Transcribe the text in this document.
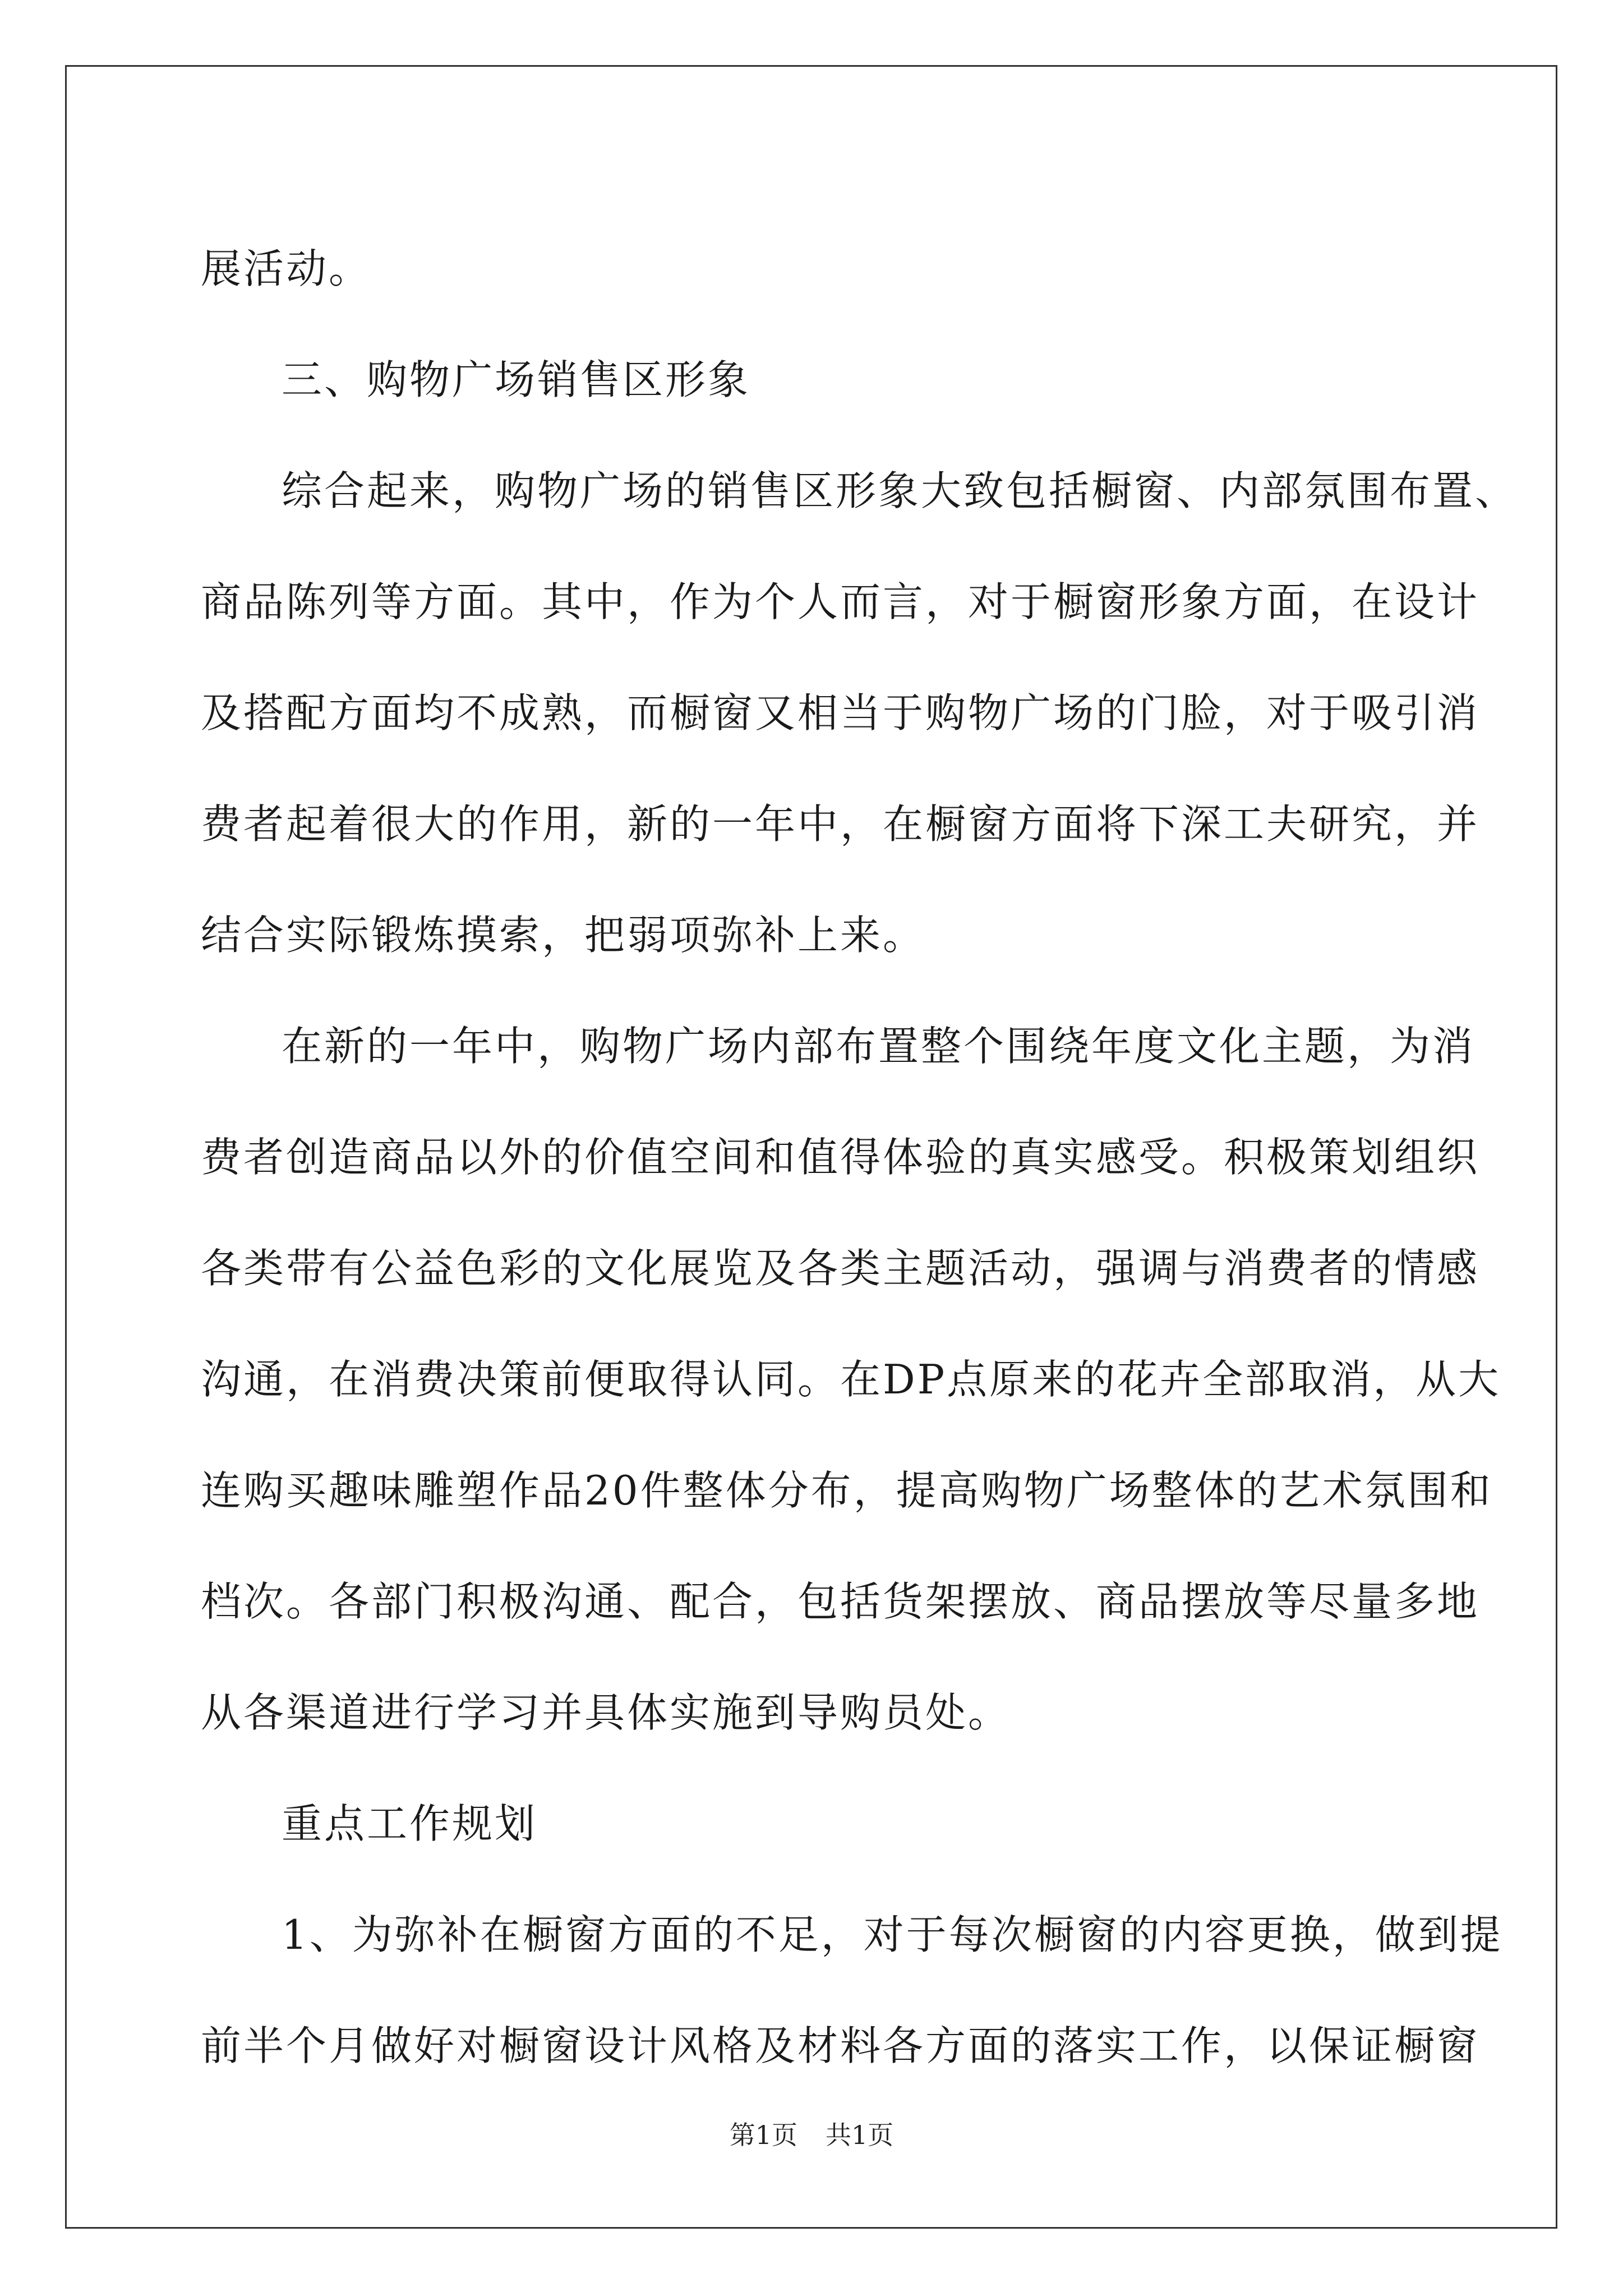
展活动。
三、购物广场销售区形象
综合起来，购物广场的销售区形象大致包括橱窗、内部氛围布置、
商品陈列等方面。其中，作为个人而言，对于橱窗形象方面，在设计
及搭配方面均不成熟，而橱窗又相当于购物广场的门脸，对于吸引消
费者起着很大的作用，新的一年中，在橱窗方面将下深工夫研究，并
结合实际锻炼摸索，把弱项弥补上来。
在新的一年中，购物广场内部布置整个围绕年度文化主题，为消
费者创造商品以外的价值空间和值得体验的真实感受。积极策划组织
各类带有公益色彩的文化展览及各类主题活动，强调与消费者的情感
沟通，在消费决策前便取得认同。在DP点原来的花卉全部取消，从大
连购买趣味雕塑作品20件整体分布，提高购物广场整体的艺术氛围和
档次。各部门积极沟通、配合，包括货架摆放、商品摆放等尽量多地
从各渠道进行学习并具体实施到导购员处。
重点工作规划
1、为弥补在橱窗方面的不足，对于每次橱窗的内容更换，做到提
前半个月做好对橱窗设计风格及材料各方面的落实工作，以保证橱窗
第1页 共1页
